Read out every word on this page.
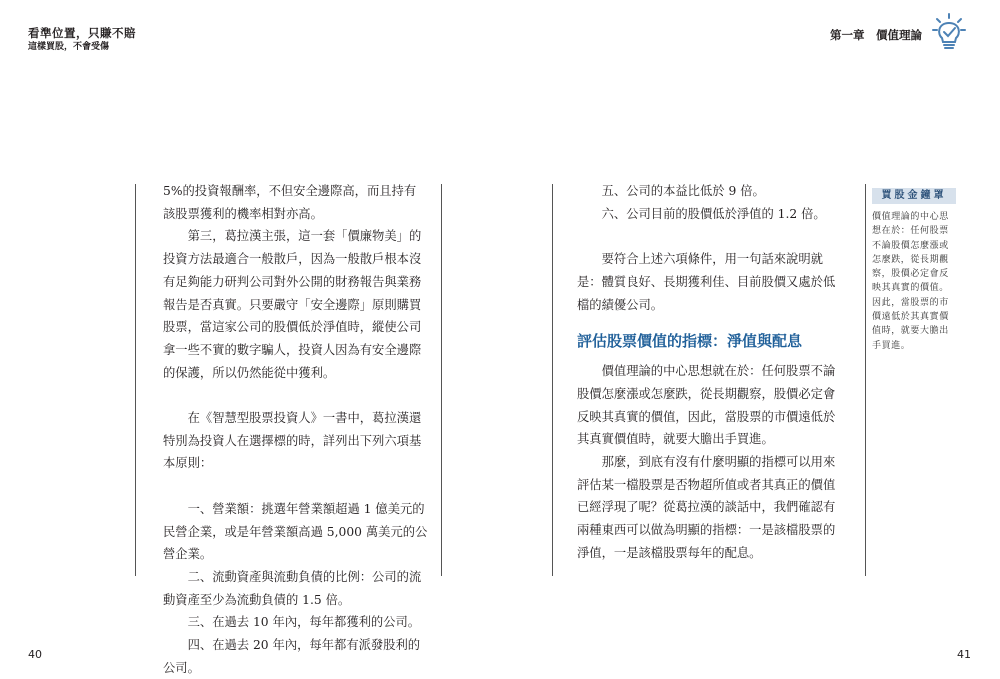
看準位置，只賺不賠
這樣買股，不會受傷
第一章　價值理論

5%的投資報酬率，不但安全邊際高，而且持有該股票獲利的機率相對亦高。

第三，葛拉漢主張，這一套「價廉物美」的投資方法最適合一般散戶，因為一般散戶根本沒有足夠能力研判公司對外公開的財務報告與業務報告是否真實。只要嚴守「安全邊際」原則購買股票，當這家公司的股價低於淨值時，縱使公司拿一些不實的數字騙人，投資人因為有安全邊際的保護，所以仍然能從中獲利。

在《智慧型股票投資人》一書中，葛拉漢還特別為投資人在選擇標的時，詳列出下列六項基本原則：

一、營業額：挑選年營業額超過 1 億美元的民營企業，或是年營業額高過 5,000 萬美元的公營企業。

二、流動資產與流動負債的比例：公司的流動資產至少為流動負債的 1.5 倍。

三、在過去 10 年內，每年都獲利的公司。

四、在過去 20 年內，每年都有派發股利的公司。

五、公司的本益比低於 9 倍。

六、公司目前的股價低於淨值的 1.2 倍。

要符合上述六項條件，用一句話來說明就是：體質良好、長期獲利佳、目前股價又處於低檔的績優公司。

評估股票價值的指標：淨值與配息

價值理論的中心思想就在於：任何股票不論股價怎麼漲或怎麼跌，從長期觀察，股價必定會反映其真實的價值，因此，當股票的市價遠低於其真實價值時，就要大膽出手買進。

那麼，到底有沒有什麼明顯的指標可以用來評估某一檔股票是否物超所值或者其真正的價值已經浮現了呢？從葛拉漢的談話中，我們確認有兩種東西可以做為明顯的指標：一是該檔股票的淨值，一是該檔股票每年的配息。

買股金鐘罩
價值理論的中心思想在於：任何股票不論股價怎麼漲或怎麼跌，從長期觀察，股價必定會反映其真實的價值。因此，當股票的市價遠低於其真實價值時，就要大膽出手買進。
40	41
